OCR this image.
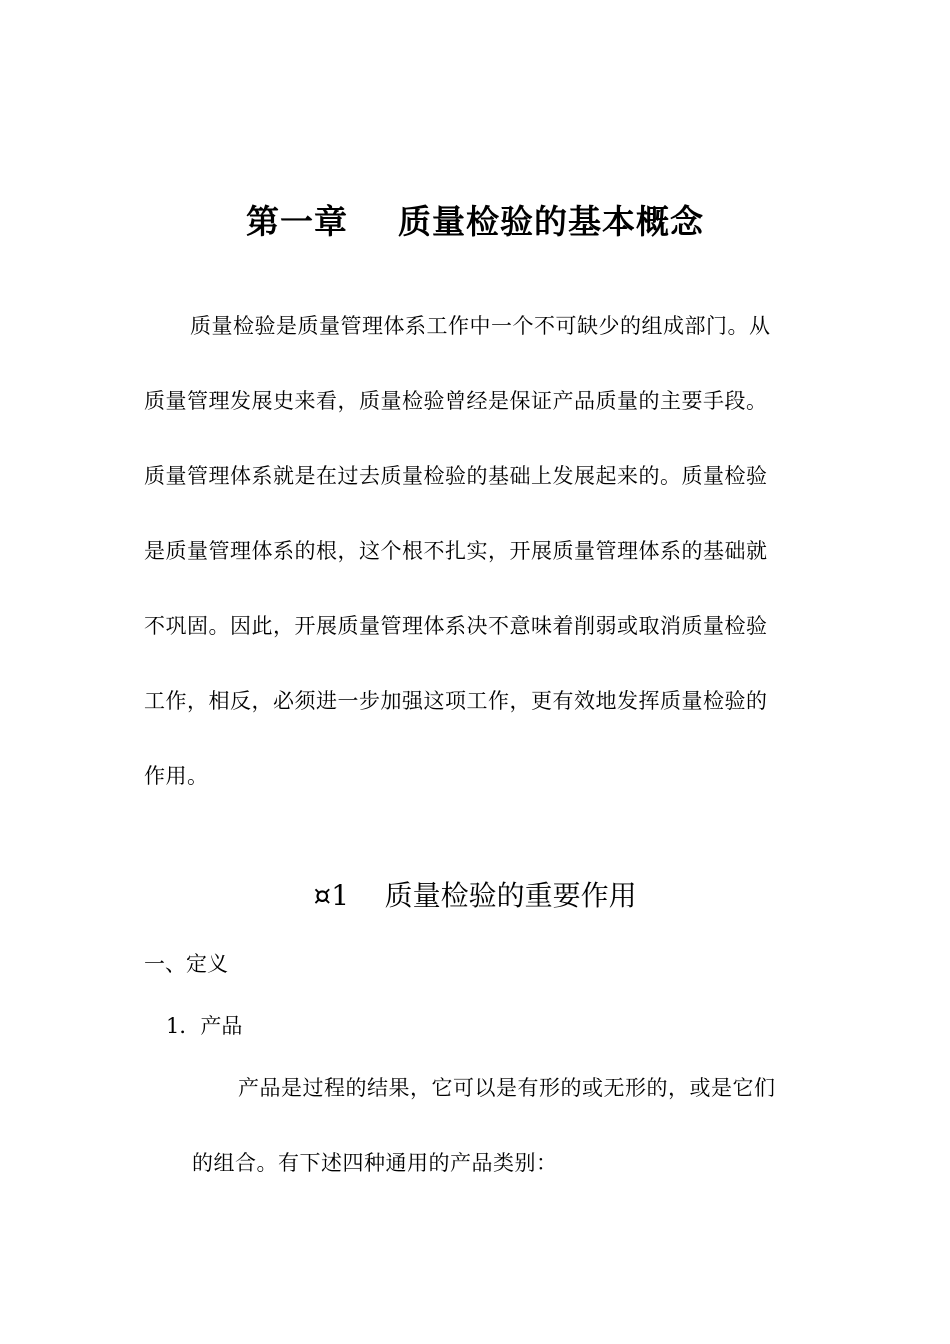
第一章    质量检验的基本概念
质量检验是质量管理体系工作中一个不可缺少的组成部门。从
质量管理发展史来看，质量检验曾经是保证产品质量的主要手段。
质量管理体系就是在过去质量检验的基础上发展起来的。质量检验
是质量管理体系的根，这个根不扎实，开展质量管理体系的基础就
不巩固。因此，开展质量管理体系决不意味着削弱或取消质量检验
工作，相反，必须进一步加强这项工作，更有效地发挥质量检验的
作用。
¤1    质量检验的重要作用
一、定义
1．产品
产品是过程的结果，它可以是有形的或无形的，或是它们
的组合。有下述四种通用的产品类别：
